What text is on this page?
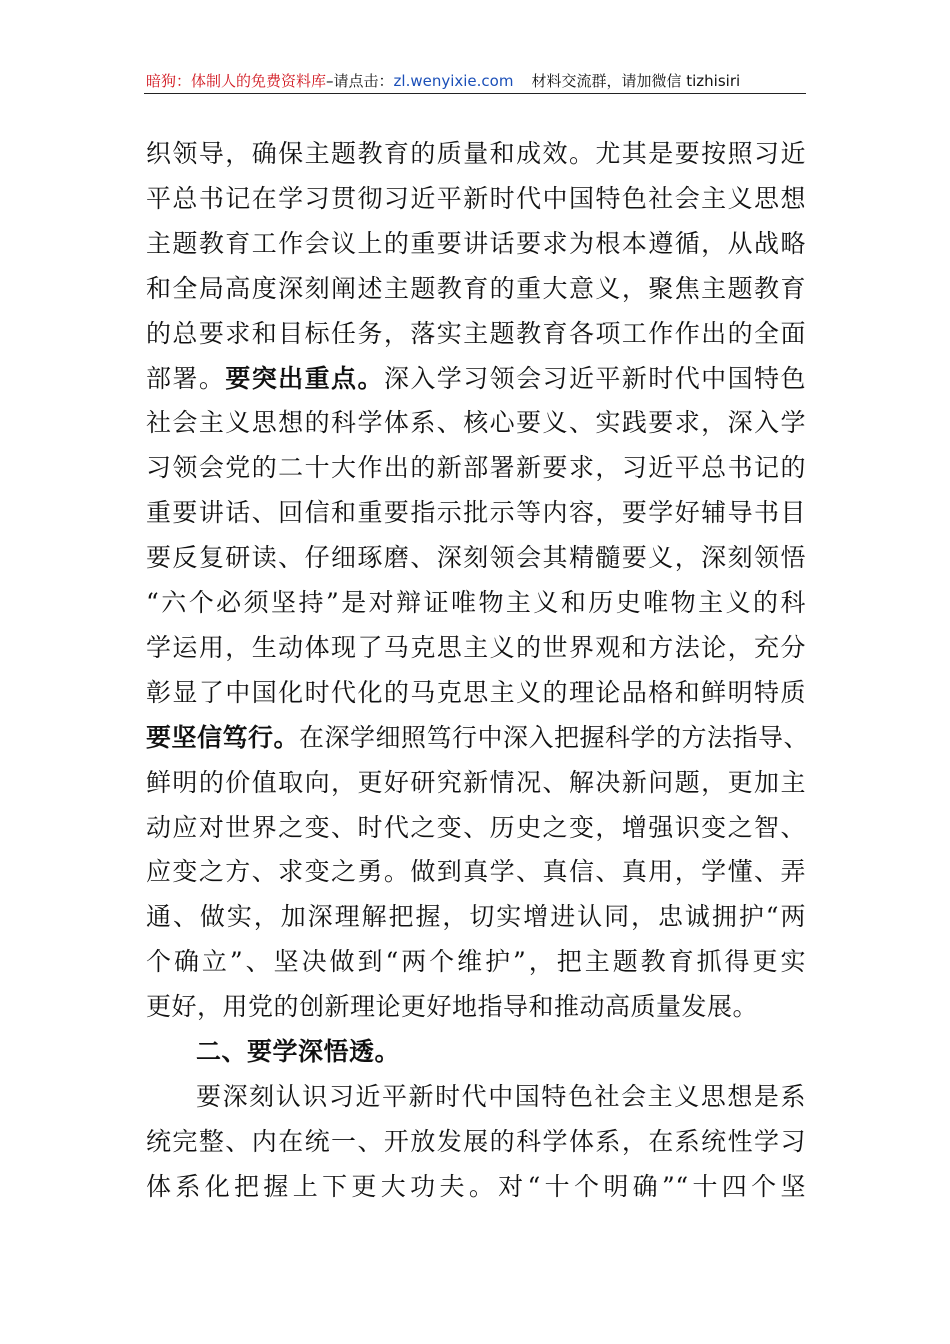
暗狗：体制人的免费资料库–请点击：zl.wenyixie.com 材料交流群，请加微信 tizhisiri
织领导，确保主题教育的质量和成效。尤其是要按照习近
平总书记在学习贯彻习近平新时代中国特色社会主义思想
主题教育工作会议上的重要讲话要求为根本遵循，从战略
和全局高度深刻阐述主题教育的重大意义，聚焦主题教育
的总要求和目标任务，落实主题教育各项工作作出的全面
部署。要突出重点。深入学习领会习近平新时代中国特色
社会主义思想的科学体系、核心要义、实践要求，深入学
习领会党的二十大作出的新部署新要求，习近平总书记的
重要讲话、回信和重要指示批示等内容，要学好辅导书目
要反复研读、仔细琢磨、深刻领会其精髓要义，深刻领悟
“六个必须坚持”是对辩证唯物主义和历史唯物主义的科
学运用，生动体现了马克思主义的世界观和方法论，充分
彰显了中国化时代化的马克思主义的理论品格和鲜明特质
要坚信笃行。在深学细照笃行中深入把握科学的方法指导、
鲜明的价值取向，更好研究新情况、解决新问题，更加主
动应对世界之变、时代之变、历史之变，增强识变之智、
应变之方、求变之勇。做到真学、真信、真用，学懂、弄
通、做实，加深理解把握，切实增进认同，忠诚拥护“两
个确立”、坚决做到“两个维护”，把主题教育抓得更实
更好，用党的创新理论更好地指导和推动高质量发展。
二、要学深悟透。
要深刻认识习近平新时代中国特色社会主义思想是系
统完整、内在统一、开放发展的科学体系，在系统性学习
体系化把握上下更大功夫。对“十个明确”“十四个坚
